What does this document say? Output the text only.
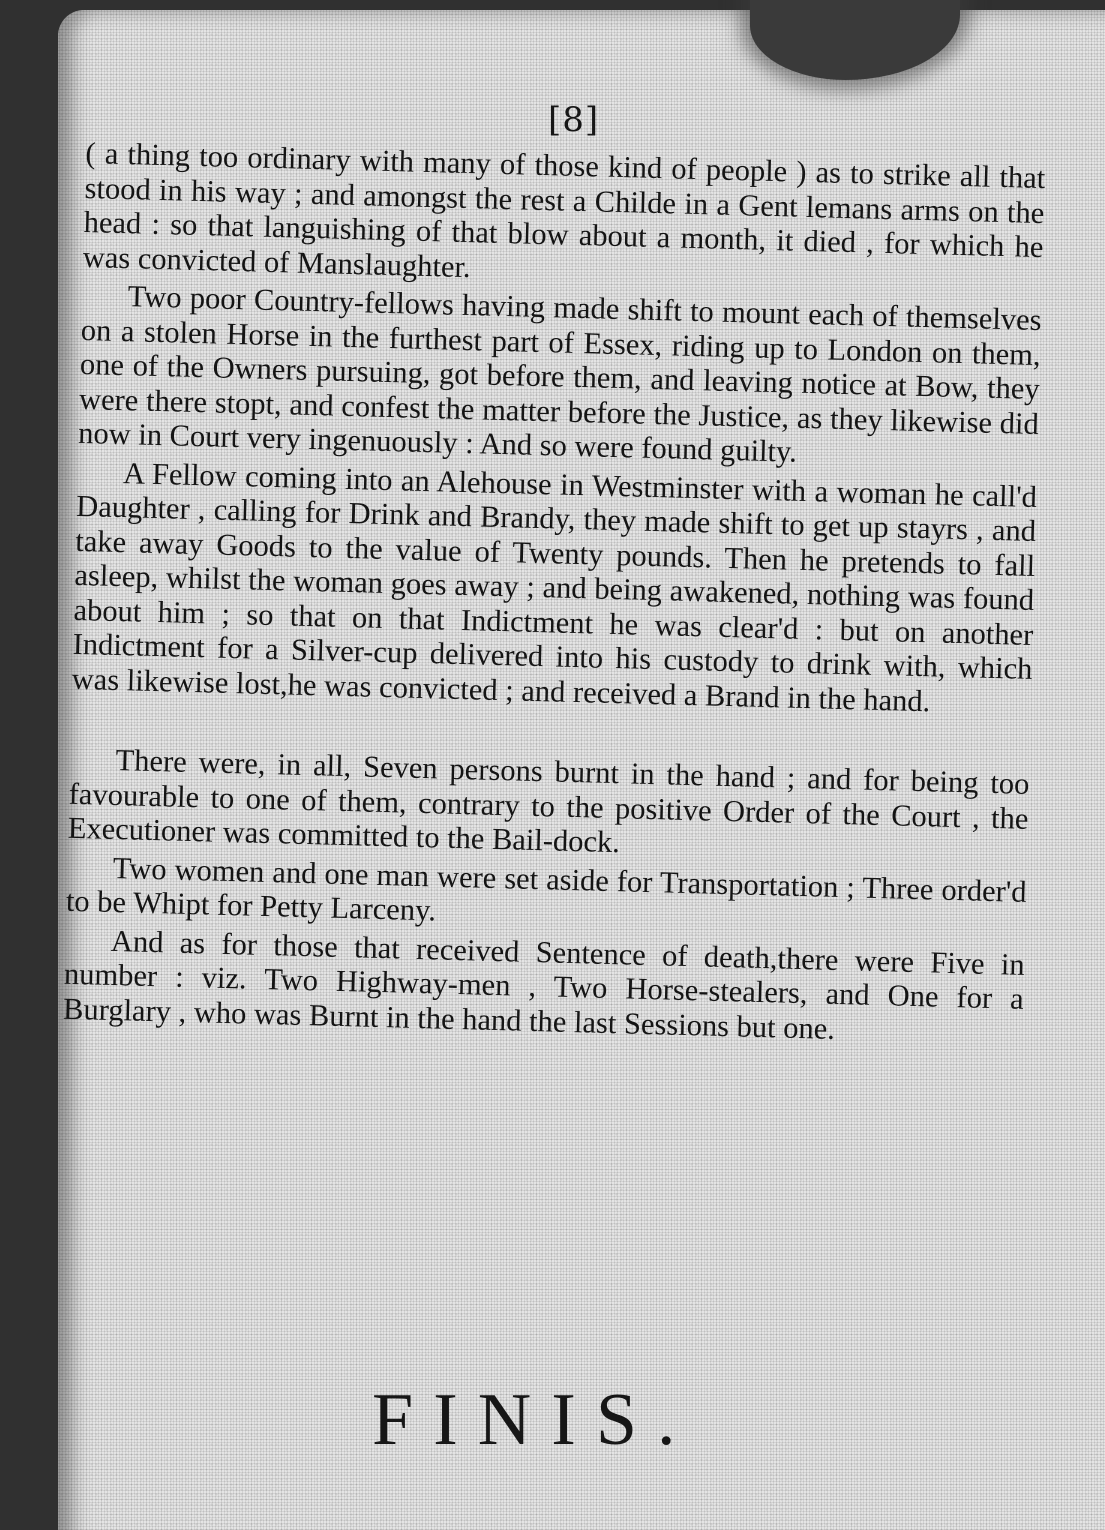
[8]

( a thing too ordinary with many of those kind of people ) as to strike all that stood in his way ; and amongst the rest a Childe in a Gent lemans arms on the head : so that languishing of that blow about a month, it died , for which he was convicted of Manslaughter.

Two poor Country-fellows having made shift to mount each of themselves on a stolen Horse in the furthest part of Essex, riding up to London on them, one of the Owners pursuing, got before them, and leaving notice at Bow, they were there stopt, and confest the matter before the Justice, as they likewise did now in Court very ingenuously : And so were found guilty.

A Fellow coming into an Alehouse in Westminster with a woman he call'd Daughter , calling for Drink and Brandy, they made shift to get up stayrs , and take away Goods to the value of Twenty pounds. Then he pretends to fall asleep, whilst the woman goes away ; and being awakened, nothing was found about him ; so that on that Indictment he was clear'd : but on another Indictment for a Silver-cup delivered into his custody to drink with, which was likewise lost,he was convicted ; and received a Brand in the hand.

There were, in all, Seven persons burnt in the hand ; and for being too favourable to one of them, contrary to the positive Order of the Court , the Executioner was committed to the Bail-dock.

Two women and one man were set aside for Transportation ; Three order'd to be Whipt for Petty Larceny.

And as for those that received Sentence of death,there were Five in number : viz. Two Highway-men , Two Horse-stealers, and One for a Burglary , who was Burnt in the hand the last Sessions but one.

FINIS.
